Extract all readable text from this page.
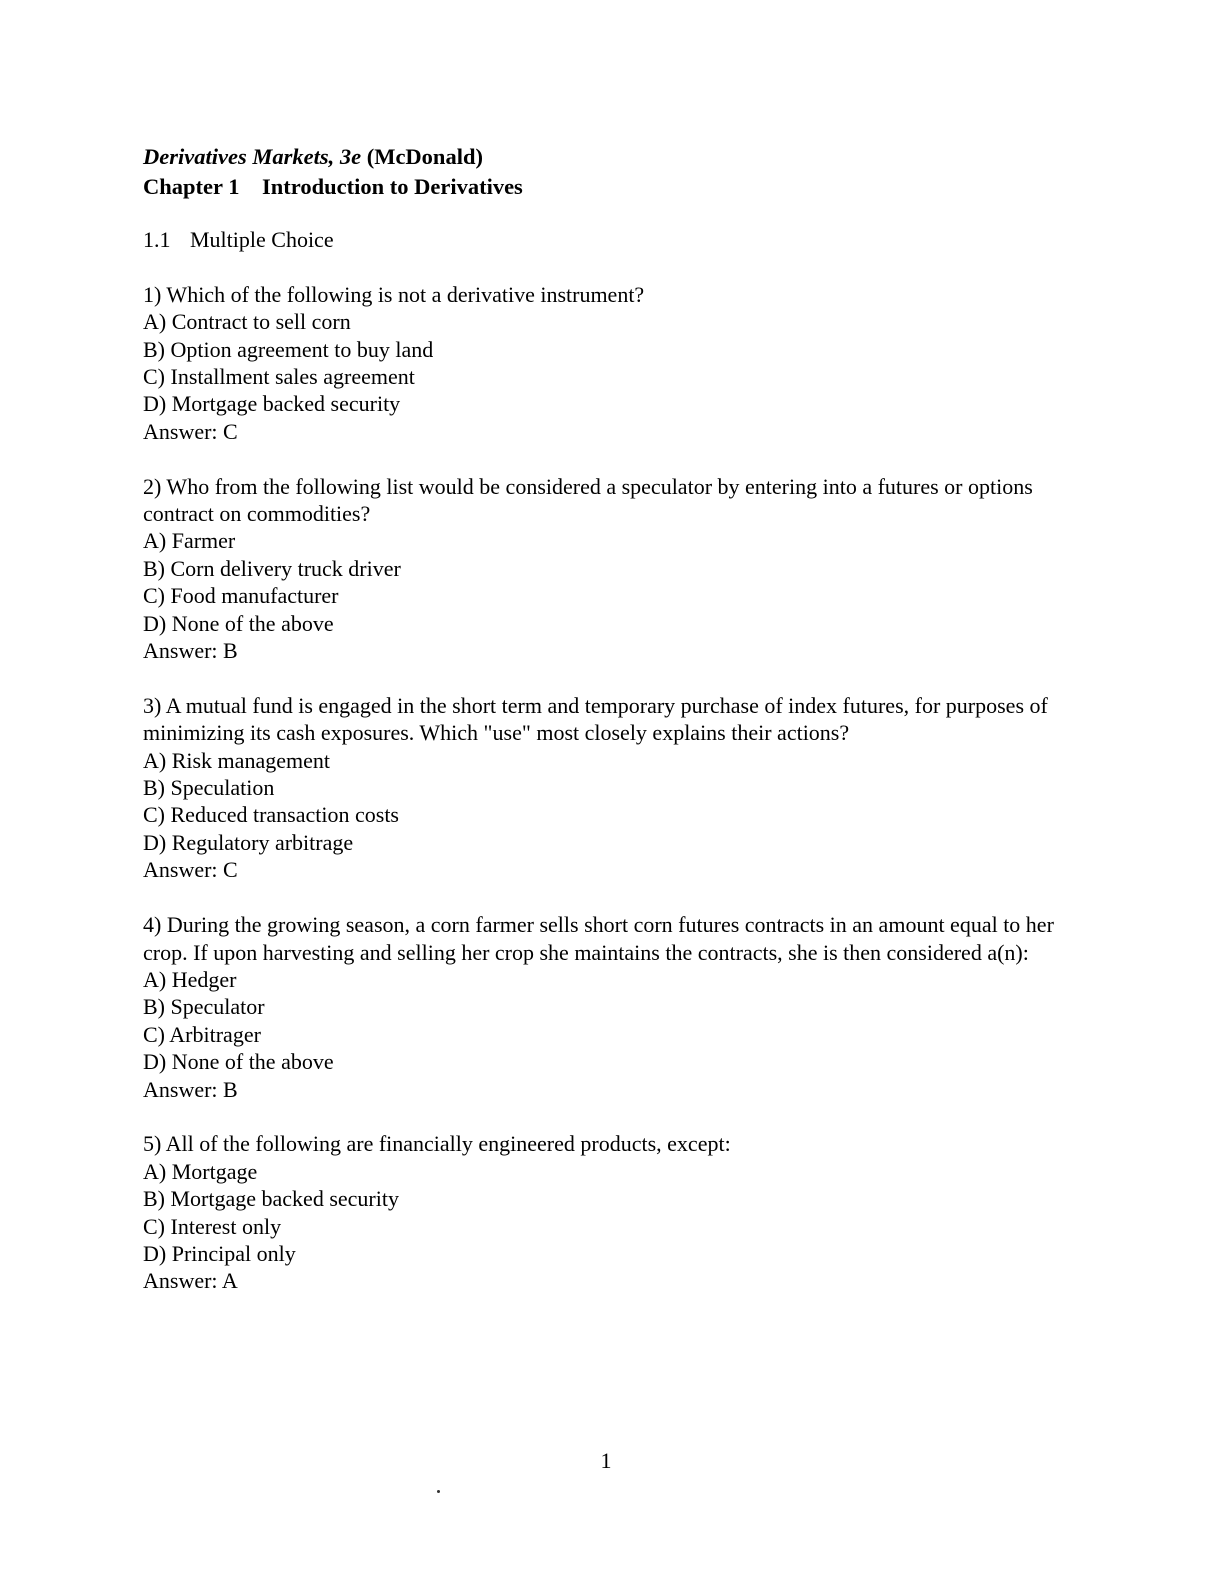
Derivatives Markets, 3e (McDonald)
Chapter 1 Introduction to Derivatives
1.1 Multiple Choice
1) Which of the following is not a derivative instrument?
A) Contract to sell corn
B) Option agreement to buy land
C) Installment sales agreement
D) Mortgage backed security
Answer: C
2) Who from the following list would be considered a speculator by entering into a futures or options contract on commodities?
A) Farmer
B) Corn delivery truck driver
C) Food manufacturer
D) None of the above
Answer: B
3) A mutual fund is engaged in the short term and temporary purchase of index futures, for purposes of minimizing its cash exposures. Which "use" most closely explains their actions?
A) Risk management
B) Speculation
C) Reduced transaction costs
D) Regulatory arbitrage
Answer: C
4) During the growing season, a corn farmer sells short corn futures contracts in an amount equal to her crop. If upon harvesting and selling her crop she maintains the contracts, she is then considered a(n):
A) Hedger
B) Speculator
C) Arbitrager
D) None of the above
Answer: B
5) All of the following are financially engineered products, except:
A) Mortgage
B) Mortgage backed security
C) Interest only
D) Principal only
Answer: A
1
